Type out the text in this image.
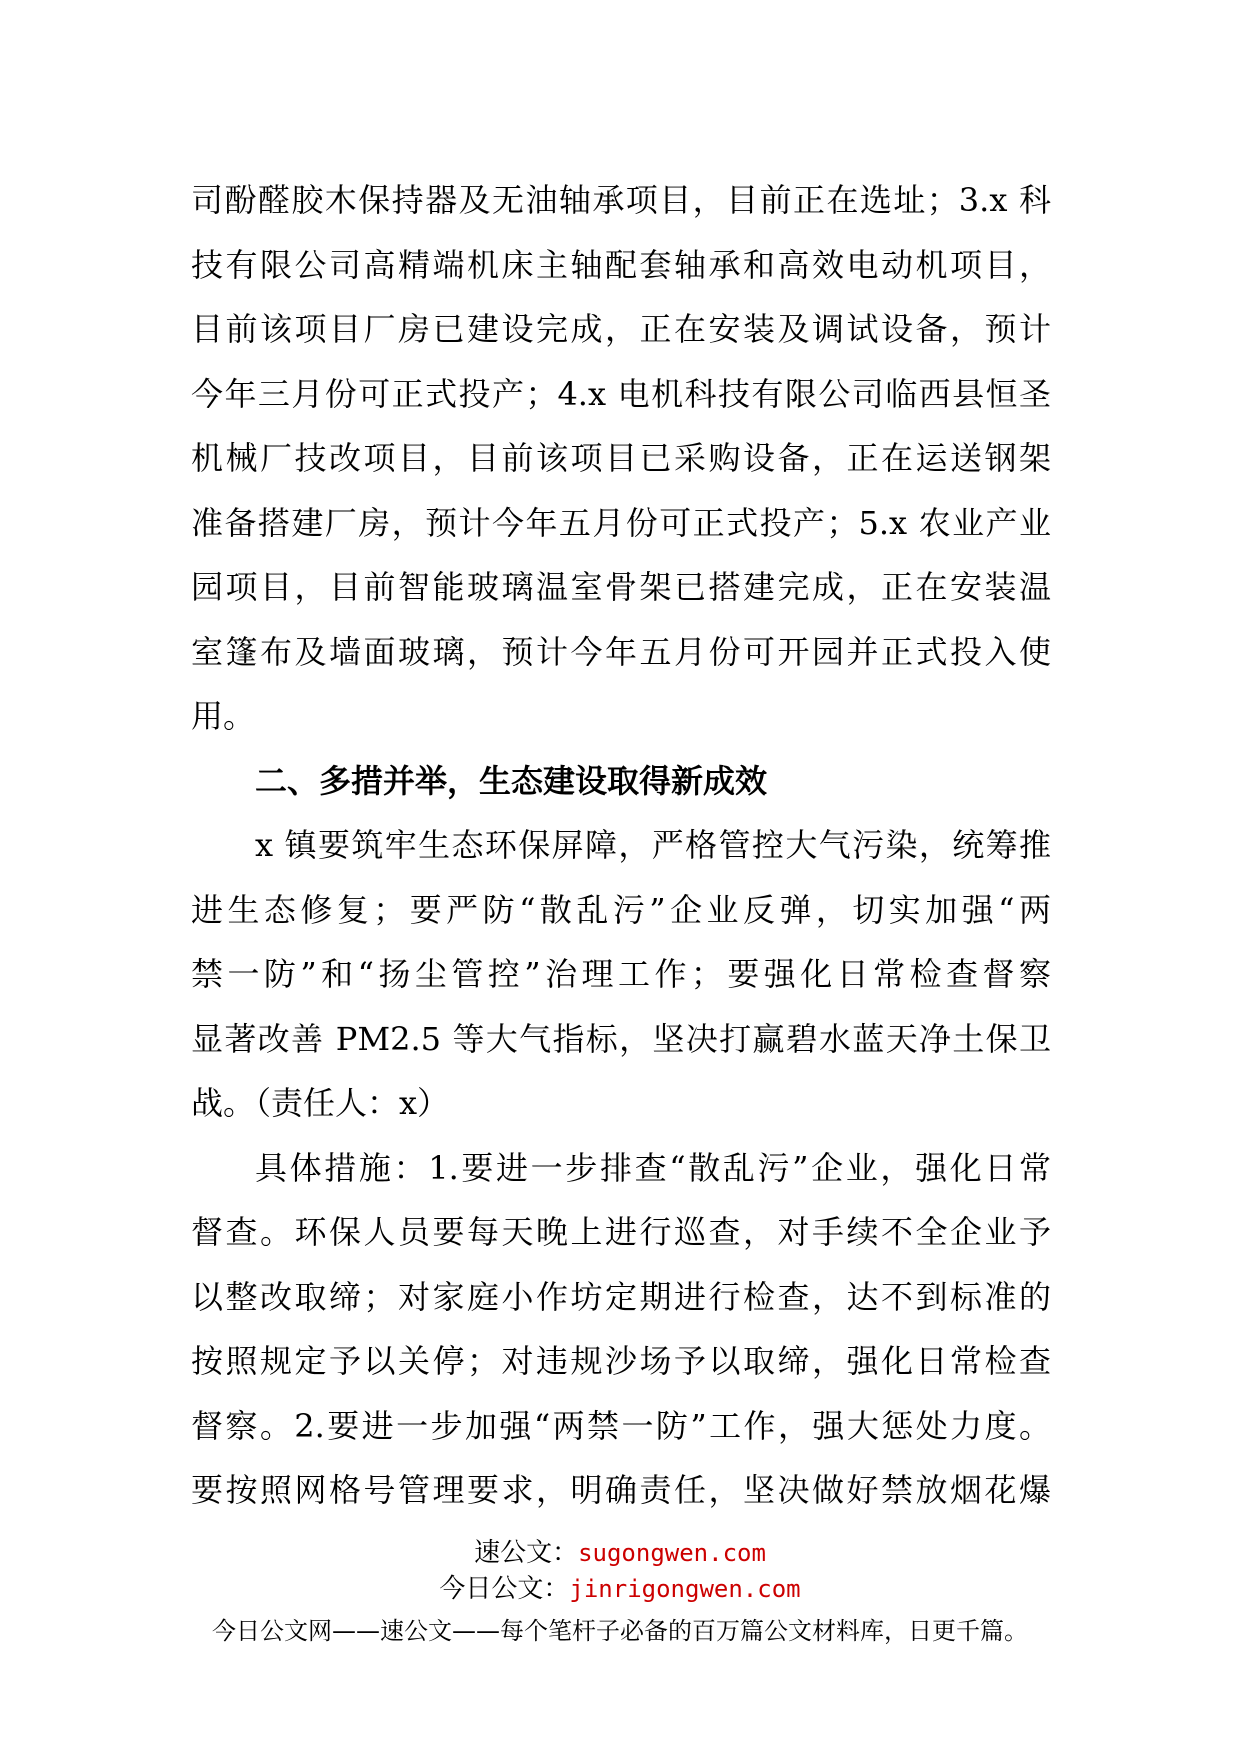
司酚醛胶木保持器及无油轴承项目，目前正在选址；3.x 科
技有限公司高精端机床主轴配套轴承和高效电动机项目，
目前该项目厂房已建设完成，正在安装及调试设备，预计
今年三月份可正式投产；4.x 电机科技有限公司临西县恒圣
机械厂技改项目，目前该项目已采购设备，正在运送钢架
准备搭建厂房，预计今年五月份可正式投产；5.x 农业产业
园项目，目前智能玻璃温室骨架已搭建完成，正在安装温
室篷布及墙面玻璃，预计今年五月份可开园并正式投入使
用。
二、多措并举，生态建设取得新成效
x 镇要筑牢生态环保屏障，严格管控大气污染，统筹推
进生态修复；要严防“散乱污”企业反弹，切实加强“两
禁一防”和“扬尘管控”治理工作；要强化日常检查督察
显著改善 PM2.5 等大气指标，坚决打赢碧水蓝天净土保卫
战。（责任人：x）
具体措施：1.要进一步排查“散乱污”企业，强化日常
督查。环保人员要每天晚上进行巡查，对手续不全企业予
以整改取缔；对家庭小作坊定期进行检查，达不到标准的
按照规定予以关停；对违规沙场予以取缔，强化日常检查
督察。2.要进一步加强“两禁一防”工作，强大惩处力度。
要按照网格号管理要求，明确责任，坚决做好禁放烟花爆
速公文：sugongwen.com
今日公文：jinrigongwen.com
今日公文网——速公文——每个笔杆子必备的百万篇公文材料库，日更千篇。
